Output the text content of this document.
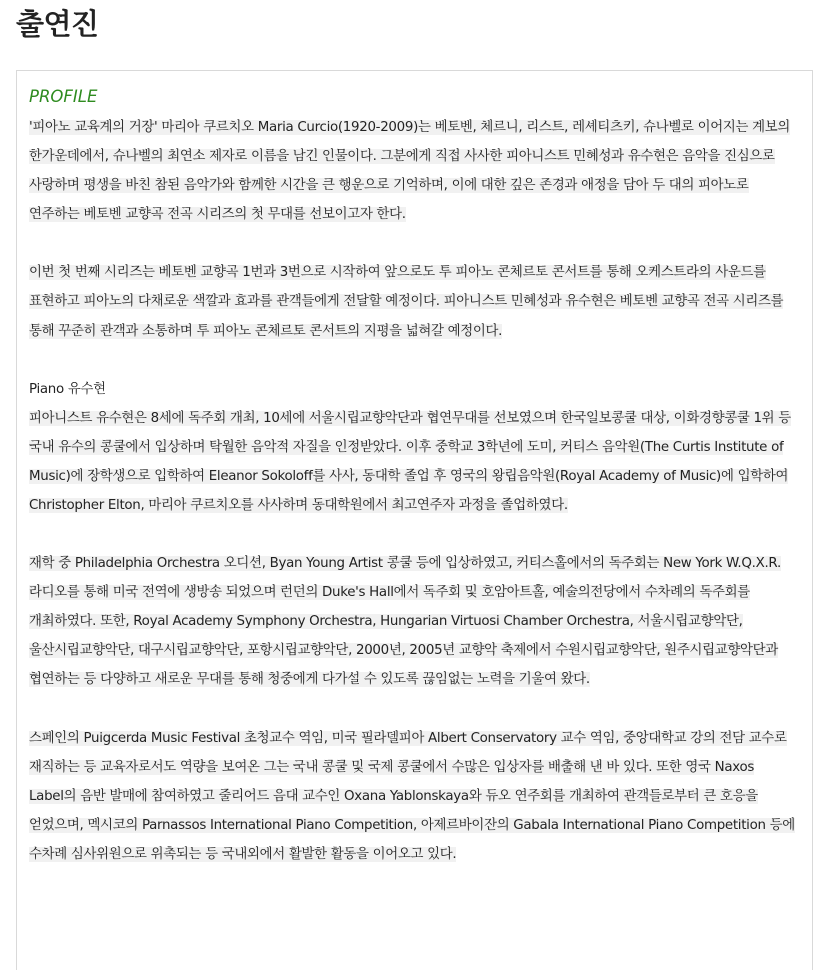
출연진
PROFILE

'피아노 교육계의 거장' 마리아 쿠르치오 Maria Curcio(1920-2009)는 베토벤, 체르니, 리스트, 레셰티츠키, 슈나벨로 이어지는 계보의 한가운데에서, 슈나벨의 최연소 제자로 이름을 남긴 인물이다. 그분에게 직접 사사한 피아니스트 민혜성과 유수현은 음악을 진심으로 사랑하며 평생을 바친 참된 음악가와 함께한 시간을 큰 행운으로 기억하며, 이에 대한 깊은 존경과 애정을 담아 두 대의 피아노로 연주하는 베토벤 교향곡 전곡 시리즈의 첫 무대를 선보이고자 한다.

이번 첫 번째 시리즈는 베토벤 교향곡 1번과 3번으로 시작하여 앞으로도 투 피아노 콘체르토 콘서트를 통해 오케스트라의 사운드를 표현하고 피아노의 다채로운 색깔과 효과를 관객들에게 전달할 예정이다. 피아니스트 민혜성과 유수현은 베토벤 교향곡 전곡 시리즈를 통해 꾸준히 관객과 소통하며 투 피아노 콘체르토 콘서트의 지평을 넓혀갈 예정이다.

Piano 유수현

피아니스트 유수현은 8세에 독주회 개최, 10세에 서울시립교향악단과 협연무대를 선보였으며 한국일보콩쿨 대상, 이화경향콩쿨 1위 등 국내 유수의 콩쿨에서 입상하며 탁월한 음악적 자질을 인정받았다. 이후 중학교 3학년에 도미, 커티스 음악원(The Curtis Institute of Music)에 장학생으로 입학하여 Eleanor Sokoloff를 사사, 동대학 졸업 후 영국의 왕립음악원(Royal Academy of Music)에 입학하여 Christopher Elton, 마리아 쿠르치오를 사사하며 동대학원에서 최고연주자 과정을 졸업하였다.

재학 중 Philadelphia Orchestra 오디션, Byan Young Artist 콩쿨 등에 입상하였고, 커티스홀에서의 독주회는 New York W.Q.X.R. 라디오를 통해 미국 전역에 생방송 되었으며 런던의 Duke's Hall에서 독주회 및 호암아트홀, 예술의전당에서 수차례의 독주회를 개최하였다. 또한, Royal Academy Symphony Orchestra, Hungarian Virtuosi Chamber Orchestra, 서울시립교향악단, 울산시립교향악단, 대구시립교향악단, 포항시립교향악단, 2000년, 2005년 교향악 축제에서 수원시립교향악단, 원주시립교향악단과 협연하는 등 다양하고 새로운 무대를 통해 청중에게 다가설 수 있도록 끊임없는 노력을 기울여 왔다.

스페인의 Puigcerda Music Festival 초청교수 역임, 미국 필라델피아 Albert Conservatory 교수 역임, 중앙대학교 강의 전담 교수로 재직하는 등 교육자로서도 역량을 보여온 그는 국내 콩쿨 및 국제 콩쿨에서 수많은 입상자를 배출해 낸 바 있다. 또한 영국 Naxos Label의 음반 발매에 참여하였고 줄리어드 음대 교수인 Oxana Yablonskaya와 듀오 연주회를 개최하여 관객들로부터 큰 호응을 얻었으며, 멕시코의 Parnassos International Piano Competition, 아제르바이잔의 Gabala International Piano Competition 등에 수차례 심사위원으로 위촉되는 등 국내외에서 활발한 활동을 이어오고 있다.
